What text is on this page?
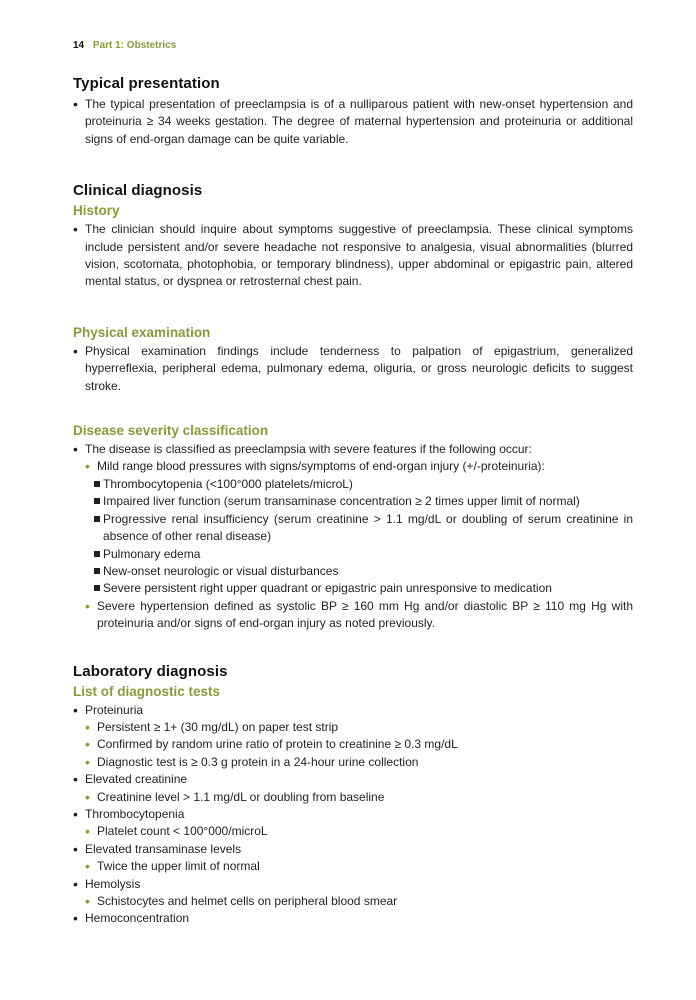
14 Part 1: Obstetrics
Typical presentation
• The typical presentation of preeclampsia is of a nulliparous patient with new-onset hypertension and proteinuria ≥ 34 weeks gestation. The degree of maternal hypertension and proteinuria or additional signs of end-organ damage can be quite variable.
Clinical diagnosis
History
• The clinician should inquire about symptoms suggestive of preeclampsia. These clinical symptoms include persistent and/or severe headache not responsive to analgesia, visual abnormalities (blurred vision, scotomata, photophobia, or temporary blindness), upper abdominal or epigastric pain, altered mental status, or dyspnea or retrosternal chest pain.
Physical examination
• Physical examination findings include tenderness to palpation of epigastrium, generalized hyperreflexia, peripheral edema, pulmonary edema, oliguria, or gross neurologic deficits to suggest stroke.
Disease severity classification
• The disease is classified as preeclampsia with severe features if the following occur:
• Mild range blood pressures with signs/symptoms of end-organ injury (+/-proteinuria):
Thrombocytopenia (<100°000 platelets/microL)
Impaired liver function (serum transaminase concentration ≥ 2 times upper limit of normal)
Progressive renal insufficiency (serum creatinine > 1.1 mg/dL or doubling of serum creatinine in absence of other renal disease)
Pulmonary edema
New-onset neurologic or visual disturbances
Severe persistent right upper quadrant or epigastric pain unresponsive to medication
• Severe hypertension defined as systolic BP ≥ 160 mm Hg and/or diastolic BP ≥ 110 mg Hg with proteinuria and/or signs of end-organ injury as noted previously.
Laboratory diagnosis
List of diagnostic tests
• Proteinuria
• Persistent ≥ 1+ (30 mg/dL) on paper test strip
• Confirmed by random urine ratio of protein to creatinine ≥ 0.3 mg/dL
• Diagnostic test is ≥ 0.3 g protein in a 24-hour urine collection
• Elevated creatinine
• Creatinine level > 1.1 mg/dL or doubling from baseline
• Thrombocytopenia
• Platelet count < 100°000/microL
• Elevated transaminase levels
• Twice the upper limit of normal
• Hemolysis
• Schistocytes and helmet cells on peripheral blood smear
• Hemoconcentration
